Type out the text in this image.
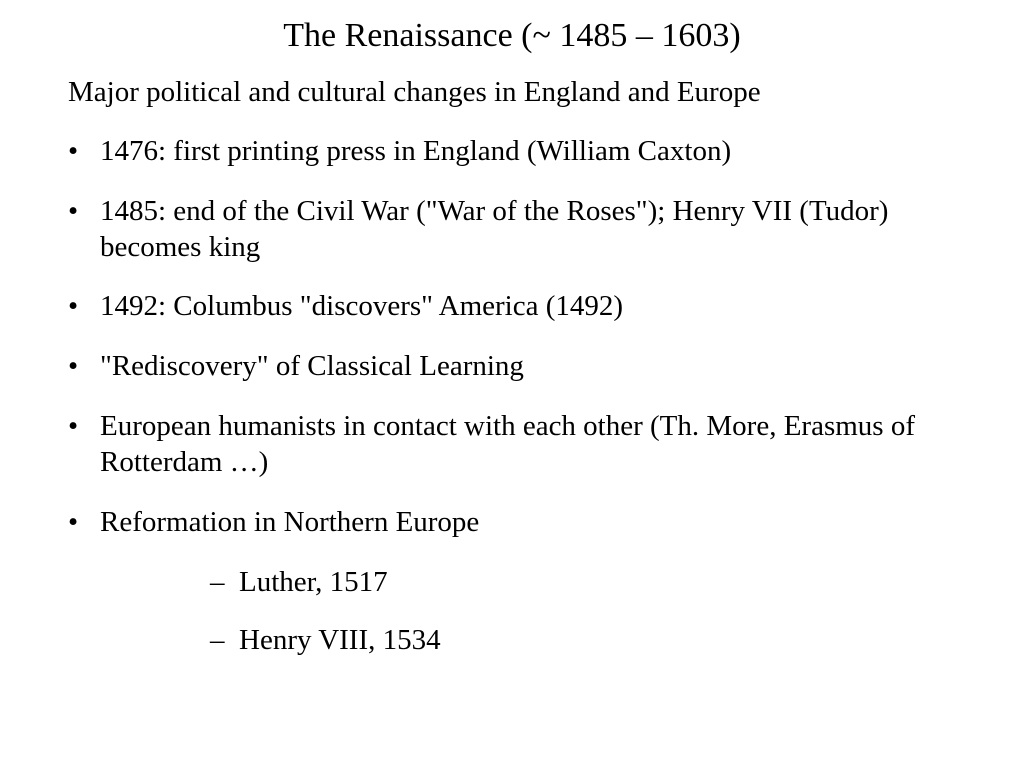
The Renaissance (~ 1485 – 1603)

Major political and cultural changes in England and Europe

• 1476: first printing press in England (William Caxton)
• 1485: end of the Civil War ("War of the Roses"); Henry VII (Tudor) becomes king
• 1492: Columbus "discovers" America (1492)
• "Rediscovery" of Classical Learning
• European humanists in contact with each other (Th. More, Erasmus of Rotterdam …)
• Reformation in Northern Europe
– Luther, 1517
– Henry VIII, 1534
